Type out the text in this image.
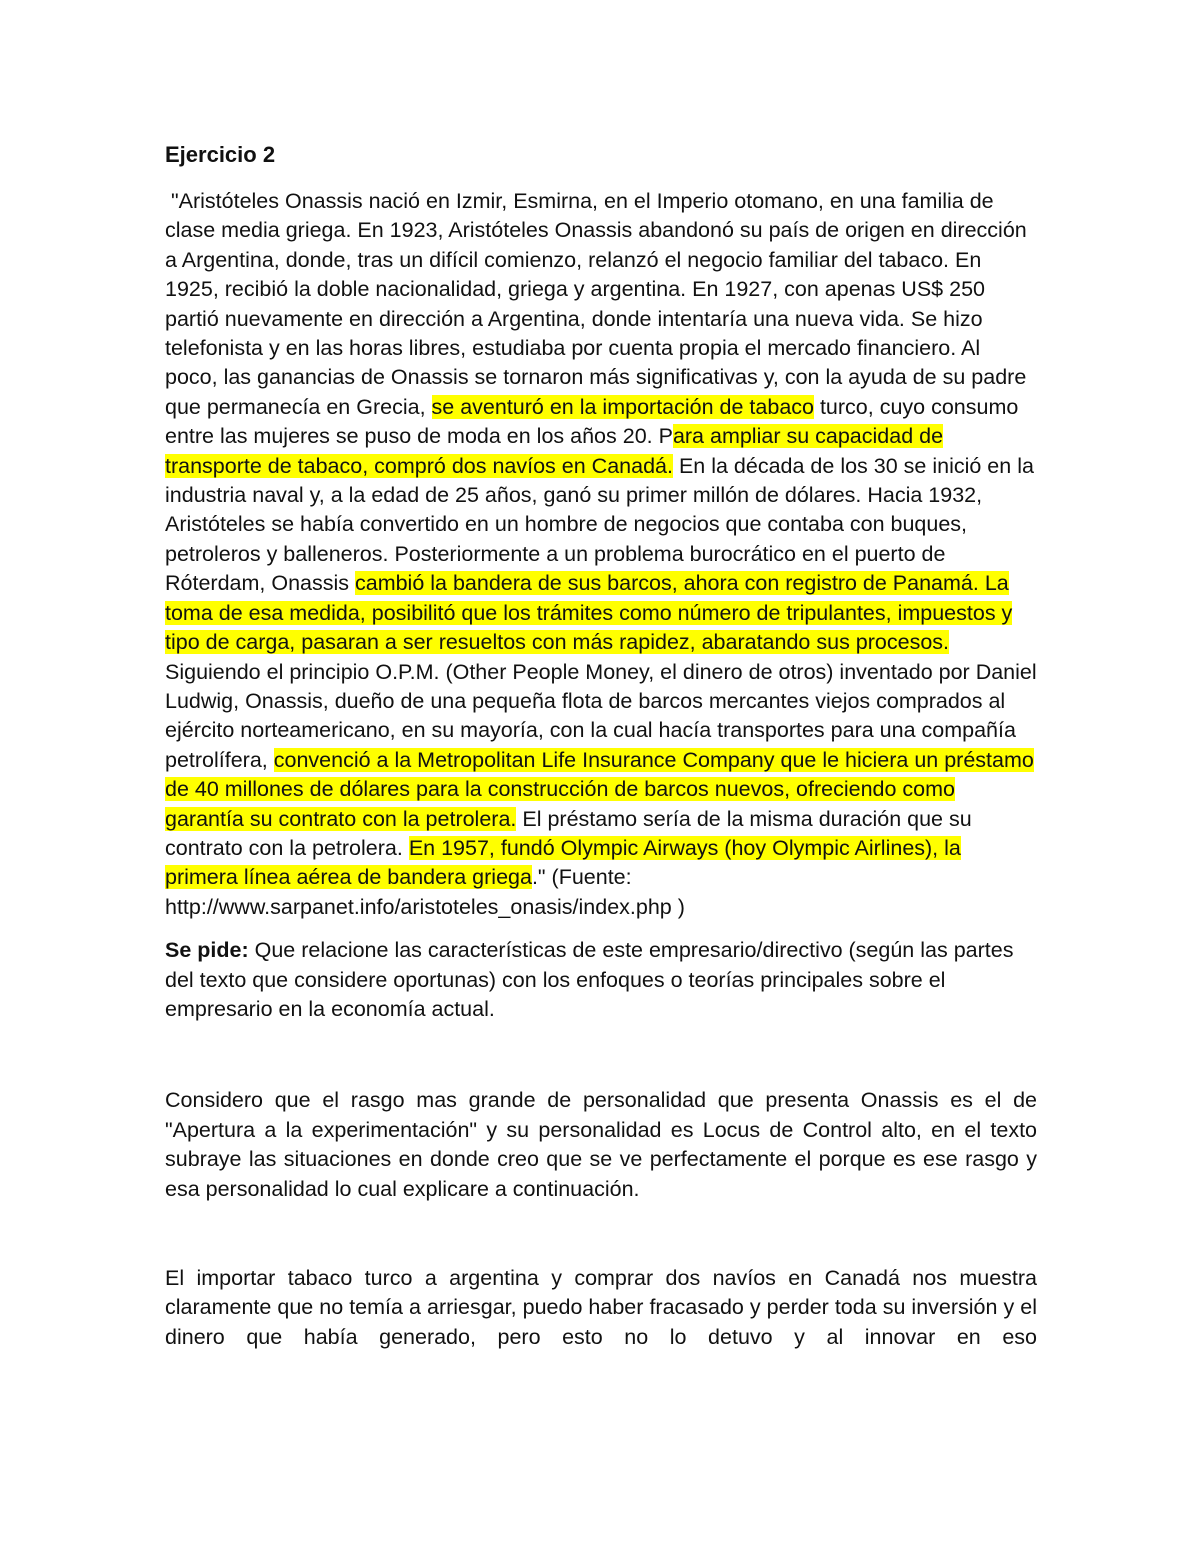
Ejercicio 2

"Aristóteles Onassis nació en Izmir, Esmirna, en el Imperio otomano, en una familia de clase media griega. En 1923, Aristóteles Onassis abandonó su país de origen en dirección a Argentina, donde, tras un difícil comienzo, relanzó el negocio familiar del tabaco. En 1925, recibió la doble nacionalidad, griega y argentina. En 1927, con apenas US$ 250 partió nuevamente en dirección a Argentina, donde intentaría una nueva vida. Se hizo telefonista y en las horas libres, estudiaba por cuenta propia el mercado financiero. Al poco, las ganancias de Onassis se tornaron más significativas y, con la ayuda de su padre que permanecía en Grecia, se aventuró en la importación de tabaco turco, cuyo consumo entre las mujeres se puso de moda en los años 20. Para ampliar su capacidad de transporte de tabaco, compró dos navíos en Canadá. En la década de los 30 se inició en la industria naval y, a la edad de 25 años, ganó su primer millón de dólares. Hacia 1932, Aristóteles se había convertido en un hombre de negocios que contaba con buques, petroleros y balleneros. Posteriormente a un problema burocrático en el puerto de Róterdam, Onassis cambió la bandera de sus barcos, ahora con registro de Panamá. La toma de esa medida, posibilitó que los trámites como número de tripulantes, impuestos y tipo de carga, pasaran a ser resueltos con más rapidez, abaratando sus procesos. Siguiendo el principio O.P.M. (Other People Money, el dinero de otros) inventado por Daniel Ludwig, Onassis, dueño de una pequeña flota de barcos mercantes viejos comprados al ejército norteamericano, en su mayoría, con la cual hacía transportes para una compañía petrolífera, convenció a la Metropolitan Life Insurance Company que le hiciera un préstamo de 40 millones de dólares para la construcción de barcos nuevos, ofreciendo como garantía su contrato con la petrolera. El préstamo sería de la misma duración que su contrato con la petrolera. En 1957, fundó Olympic Airways (hoy Olympic Airlines), la primera línea aérea de bandera griega." (Fuente: http://www.sarpanet.info/aristoteles_onasis/index.php )

Se pide: Que relacione las características de este empresario/directivo (según las partes del texto que considere oportunas) con los enfoques o teorías principales sobre el empresario en la economía actual.

Considero que el rasgo mas grande de personalidad que presenta Onassis es el de "Apertura a la experimentación" y su personalidad es Locus de Control alto, en el texto subraye las situaciones en donde creo que se ve perfectamente el porque es ese rasgo y esa personalidad lo cual explicare a continuación.

El importar tabaco turco a argentina y comprar dos navíos en Canadá nos muestra claramente que no temía a arriesgar, puedo haber fracasado y perder toda su inversión y el dinero que había generado, pero esto no lo detuvo y al innovar en eso
